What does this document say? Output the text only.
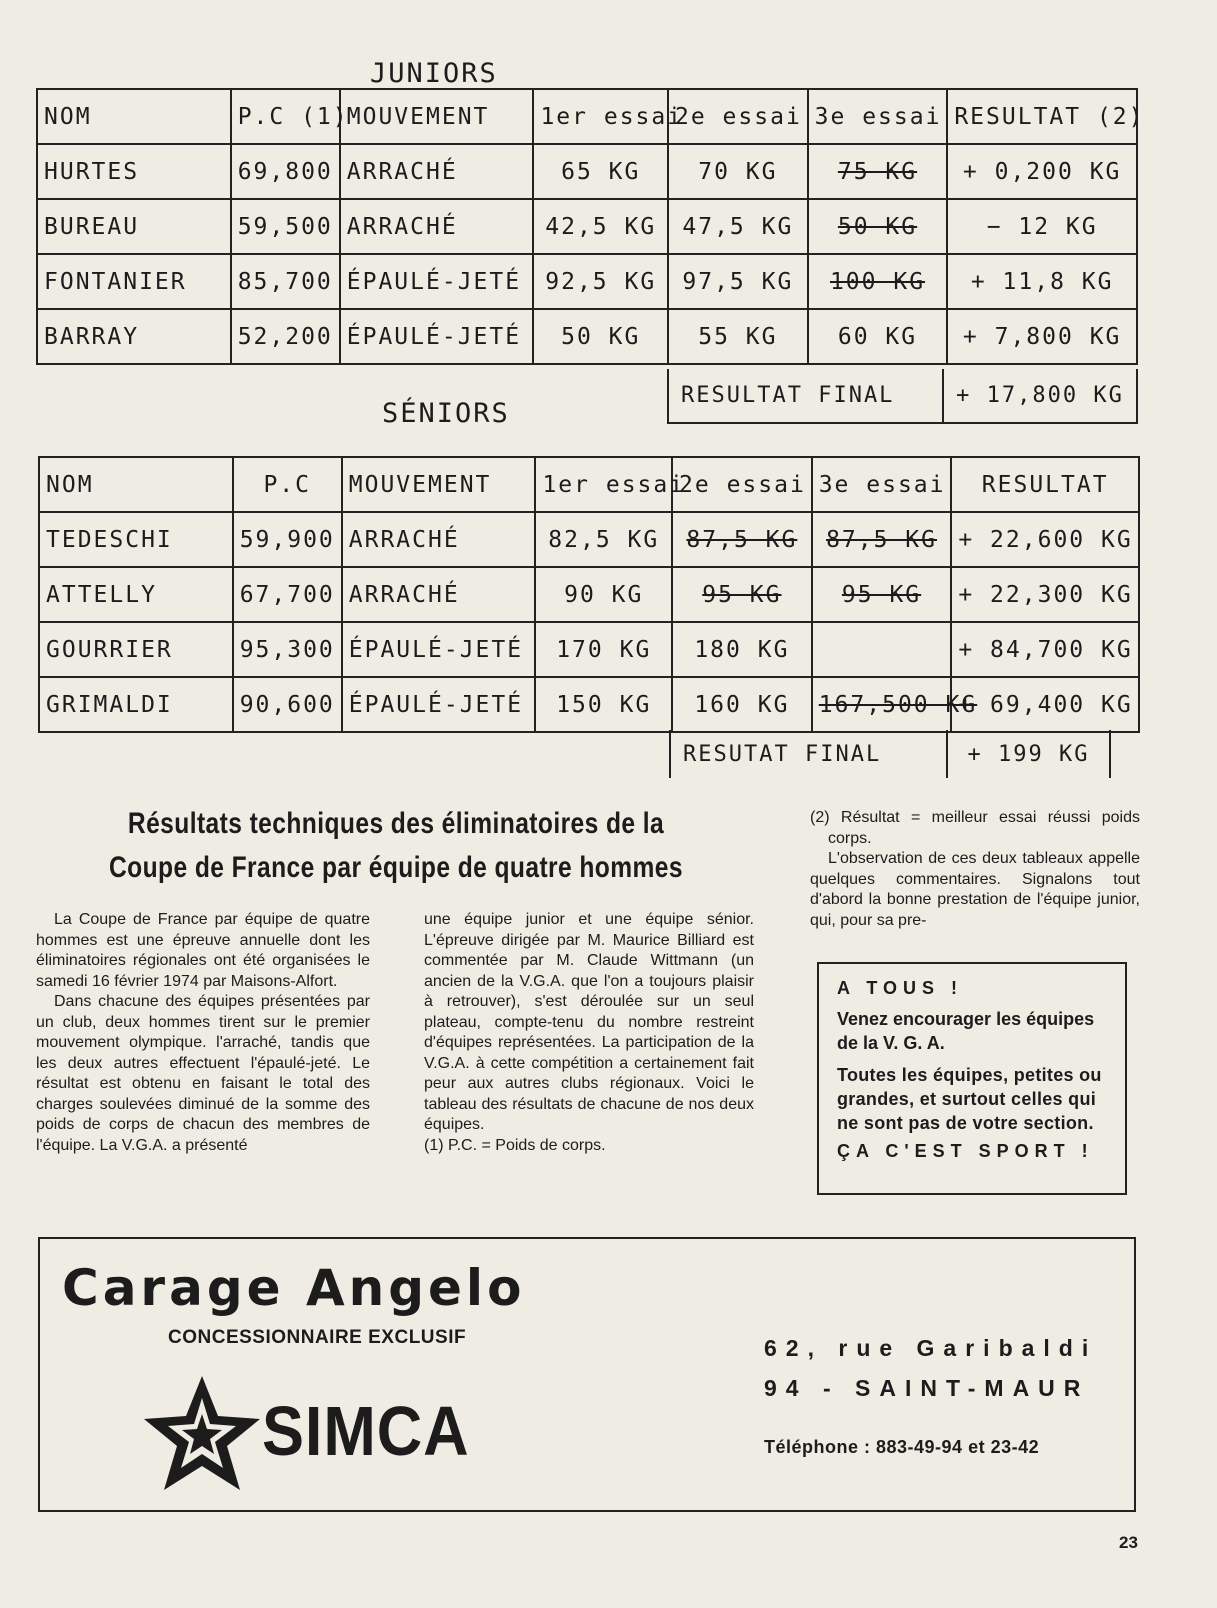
JUNIORS
NOM	P.C (1)	MOUVEMENT	1er essai	2e essai	3e essai	RESULTAT (2)
HURTES	69,800	ARRACHÉ	65 KG	70 KG	75 KG	+ 0,200 KG
BUREAU	59,500	ARRACHÉ	42,5 KG	47,5 KG	50 KG	− 12 KG
FONTANIER	85,700	ÉPAULÉ-JETÉ	92,5 KG	97,5 KG	100 KG	+ 11,8 KG
BARRAY	52,200	ÉPAULÉ-JETÉ	50 KG	55 KG	60 KG	+ 7,800 KG
RESULTAT FINAL	+ 17,800 KG
SÉNIORS
NOM	P.C	MOUVEMENT	1er essai	2e essai	3e essai	RESULTAT
TEDESCHI	59,900	ARRACHÉ	82,5 KG	87,5 KG	87,5 KG	+ 22,600 KG
ATTELLY	67,700	ARRACHÉ	90 KG	95 KG	95 KG	+ 22,300 KG
GOURRIER	95,300	ÉPAULÉ-JETÉ	170 KG	180 KG		+ 84,700 KG
GRIMALDI	90,600	ÉPAULÉ-JETÉ	150 KG	160 KG	167,500 KG	+ 69,400 KG
RESUTAT FINAL	+ 199 KG
Résultats techniques des éliminatoires de la Coupe de France par équipe de quatre hommes

La Coupe de France par équipe de quatre hommes est une épreuve annuelle dont les éliminatoires régionales ont été organisées le samedi 16 février 1974 par Maisons-Alfort.

Dans chacune des équipes présentées par un club, deux hommes tirent sur le premier mouvement olympique. l'arraché, tandis que les deux autres effectuent l'épaulé-jeté. Le résultat est obtenu en faisant le total des charges soulevées diminué de la somme des poids de corps de chacun des membres de l'équipe. La V.G.A. a présenté

une équipe junior et une équipe sénior. L'épreuve dirigée par M. Maurice Billiard est commentée par M. Claude Wittmann (un ancien de la V.G.A. que l'on a toujours plaisir à retrouver), s'est déroulée sur un seul plateau, compte-tenu du nombre restreint d'équipes représentées. La participation de la V.G.A. à cette compétition a certainement fait peur aux autres clubs régionaux. Voici le tableau des résultats de chacune de nos deux équipes.

(1) P.C. = Poids de corps.

(2) Résultat = meilleur essai réussi poids corps.

L'observation de ces deux tableaux appelle quelques commentaires. Signalons tout d'abord la bonne prestation de l'équipe junior, qui, pour sa pre-

A TOUS !

Venez encourager les équipes de la V. G. A.

Toutes les équipes, petites ou grandes, et surtout celles qui ne sont pas de votre section.

ÇA C'EST SPORT !
Carage Angelo
CONCESSIONNAIRE EXCLUSIF
SIMCA
62, rue Garibaldi
94 - SAINT-MAUR
Téléphone : 883-49-94 et 23-42
23
